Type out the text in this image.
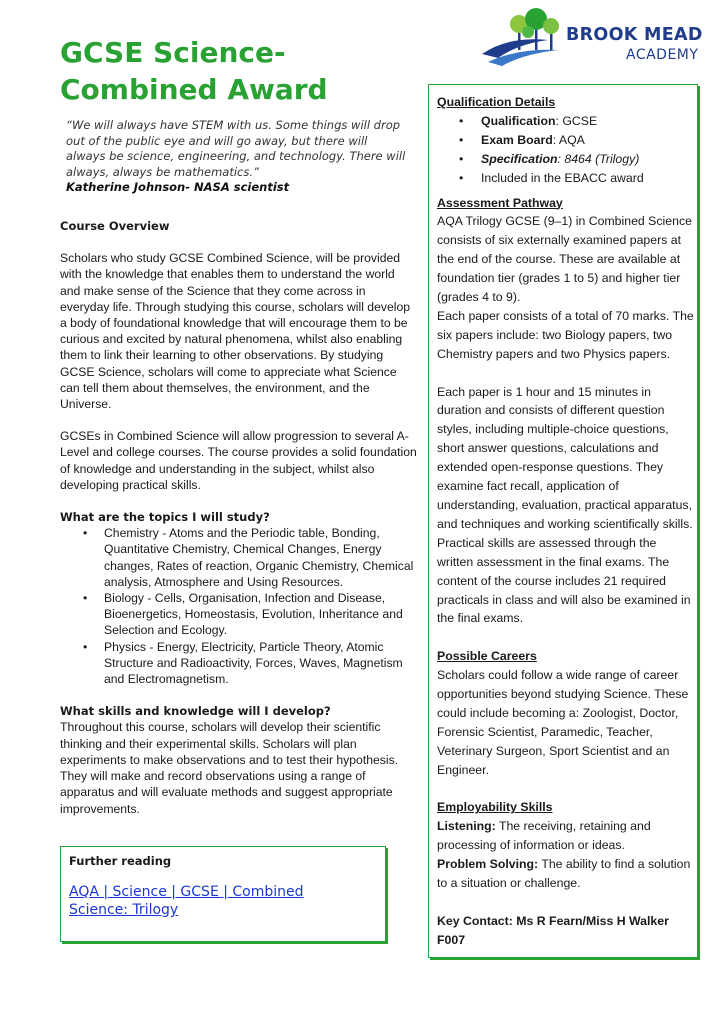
GCSE Science- Combined Award
BROOK MEAD
ACADEMY
“We will always have STEM with us. Some things will drop out of the public eye and will go away, but there will always be science, engineering, and technology. There will always, always be mathematics.”
Katherine Johnson- NASA scientist

Course Overview

Scholars who study GCSE Combined Science, will be provided with the knowledge that enables them to understand the world and make sense of the Science that they come across in everyday life. Through studying this course, scholars will develop a body of foundational knowledge that will encourage them to be curious and excited by natural phenomena, whilst also enabling them to link their learning to other observations. By studying GCSE Science, scholars will come to appreciate what Science can tell them about themselves, the environment, and the Universe.

GCSEs in Combined Science will allow progression to several A-Level and college courses. The course provides a solid foundation of knowledge and understanding in the subject, whilst also developing practical skills.

What are the topics I will study?

• Chemistry - Atoms and the Periodic table, Bonding, Quantitative Chemistry, Chemical Changes, Energy changes, Rates of reaction, Organic Chemistry, Chemical analysis, Atmosphere and Using Resources.
• Biology - Cells, Organisation, Infection and Disease, Bioenergetics, Homeostasis, Evolution, Inheritance and Selection and Ecology.
• Physics - Energy, Electricity, Particle Theory, Atomic Structure and Radioactivity, Forces, Waves, Magnetism and Electromagnetism.

What skills and knowledge will I develop?

Throughout this course, scholars will develop their scientific thinking and their experimental skills. Scholars will plan experiments to make observations and to test their hypothesis. They will make and record observations using a range of apparatus and will evaluate methods and suggest appropriate improvements.

Further reading
AQA | Science | GCSE | Combined Science: Trilogy

Qualification Details

• Qualification: GCSE
• Exam Board: AQA
• Specification: 8464 (Trilogy)
• Included in the EBACC award

Assessment Pathway

AQA Trilogy GCSE (9–1) in Combined Science consists of six externally examined papers at the end of the course. These are available at foundation tier (grades 1 to 5) and higher tier (grades 4 to 9).

Each paper consists of a total of 70 marks. The six papers include: two Biology papers, two Chemistry papers and two Physics papers.

Each paper is 1 hour and 15 minutes in duration and consists of different question styles, including multiple-choice questions, short answer questions, calculations and extended open-response questions. They examine fact recall, application of understanding, evaluation, practical apparatus, and techniques and working scientifically skills.

Practical skills are assessed through the written assessment in the final exams. The content of the course includes 21 required practicals in class and will also be examined in the final exams.

Possible Careers

Scholars could follow a wide range of career opportunities beyond studying Science. These could include becoming a: Zoologist, Doctor, Forensic Scientist, Paramedic, Teacher, Veterinary Surgeon, Sport Scientist and an Engineer.

Employability Skills

Listening: The receiving, retaining and processing of information or ideas.

Problem Solving: The ability to find a solution to a situation or challenge.

Key Contact: Ms R Fearn/Miss H Walker F007
